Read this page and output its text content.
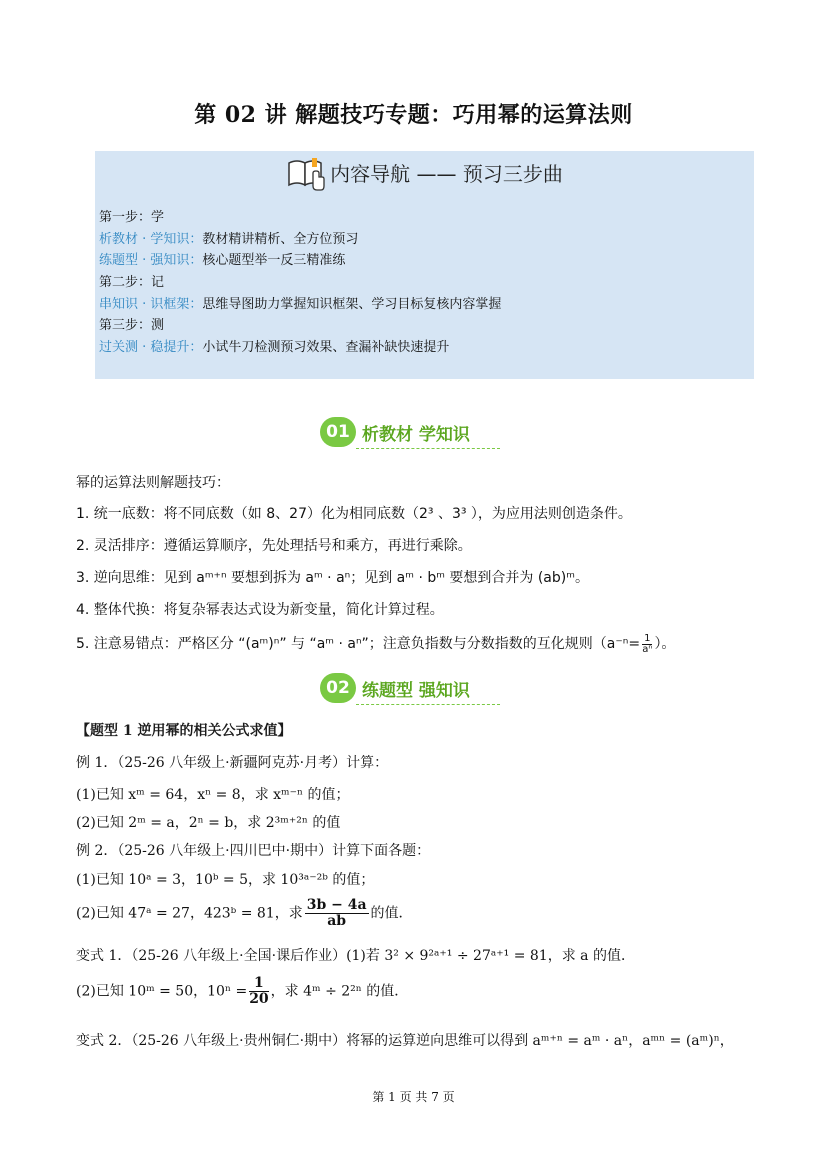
第 02 讲 解题技巧专题：巧用幂的运算法则
内容导航 —— 预习三步曲
第一步：学
析教材 · 学知识：教材精讲精析、全方位预习
练题型 · 强知识：核心题型举一反三精准练
第二步：记
串知识 · 识框架：思维导图助力掌握知识框架、学习目标复核内容掌握
第三步：测
过关测 · 稳提升：小试牛刀检测预习效果、查漏补缺快速提升
01 析教材 学知识
幂的运算法则解题技巧：
1. 统一底数：将不同底数（如 8、27）化为相同底数（2³ 、3³ ），为应用法则创造条件。
2. 灵活排序：遵循运算顺序，先处理括号和乘方，再进行乘除。
3. 逆向思维：见到 aᵐ⁺ⁿ 要想到拆为 aᵐ · aⁿ；见到 aᵐ · bᵐ 要想到合并为 (ab)ᵐ。
4. 整体代换：将复杂幂表达式设为新变量，简化计算过程。
5. 注意易错点：严格区分 “(aᵐ)ⁿ” 与 “aᵐ · aⁿ”；注意负指数与分数指数的互化规则（$a^{-n}= \frac{1}{\text{aⁿ}}$ ）。
02 练题型 强知识
【题型 1 逆用幂的相关公式求值】
例 1．（25-26 八年级上·新疆阿克苏·月考）计算：
(1)已知 xᵐ = 64，xⁿ = 8，求 xᵐ⁻ⁿ 的值；
(2)已知 2ᵐ = a，2ⁿ = b，求 2³ᵐ⁺²ⁿ 的值
例 2．（25-26 八年级上·四川巴中·期中）计算下面各题：
(1)已知 10ᵃ = 3，10ᵇ = 5，求 10³ᵃ⁻²ᵇ 的值；
(2)已知 47ᵃ = 27，423ᵇ = 81，求 $\frac{3b - 4a}{ab}$ 的值．
变式 1．（25-26 八年级上·全国·课后作业）(1)若 3² × 9²ᵃ⁺¹ ÷ 27ᵃ⁺¹ = 81，求 a 的值．
(2)已知 10ᵐ = 50，$10^n = \frac{1}{20}$ ，求 4ᵐ ÷ 2²ⁿ 的值．
变式 2．（25-26 八年级上·贵州铜仁·期中）将幂的运算逆向思维可以得到 aᵐ⁺ⁿ = aᵐ · aⁿ，aᵐⁿ = (aᵐ)ⁿ，
第 1 页 共 7 页
